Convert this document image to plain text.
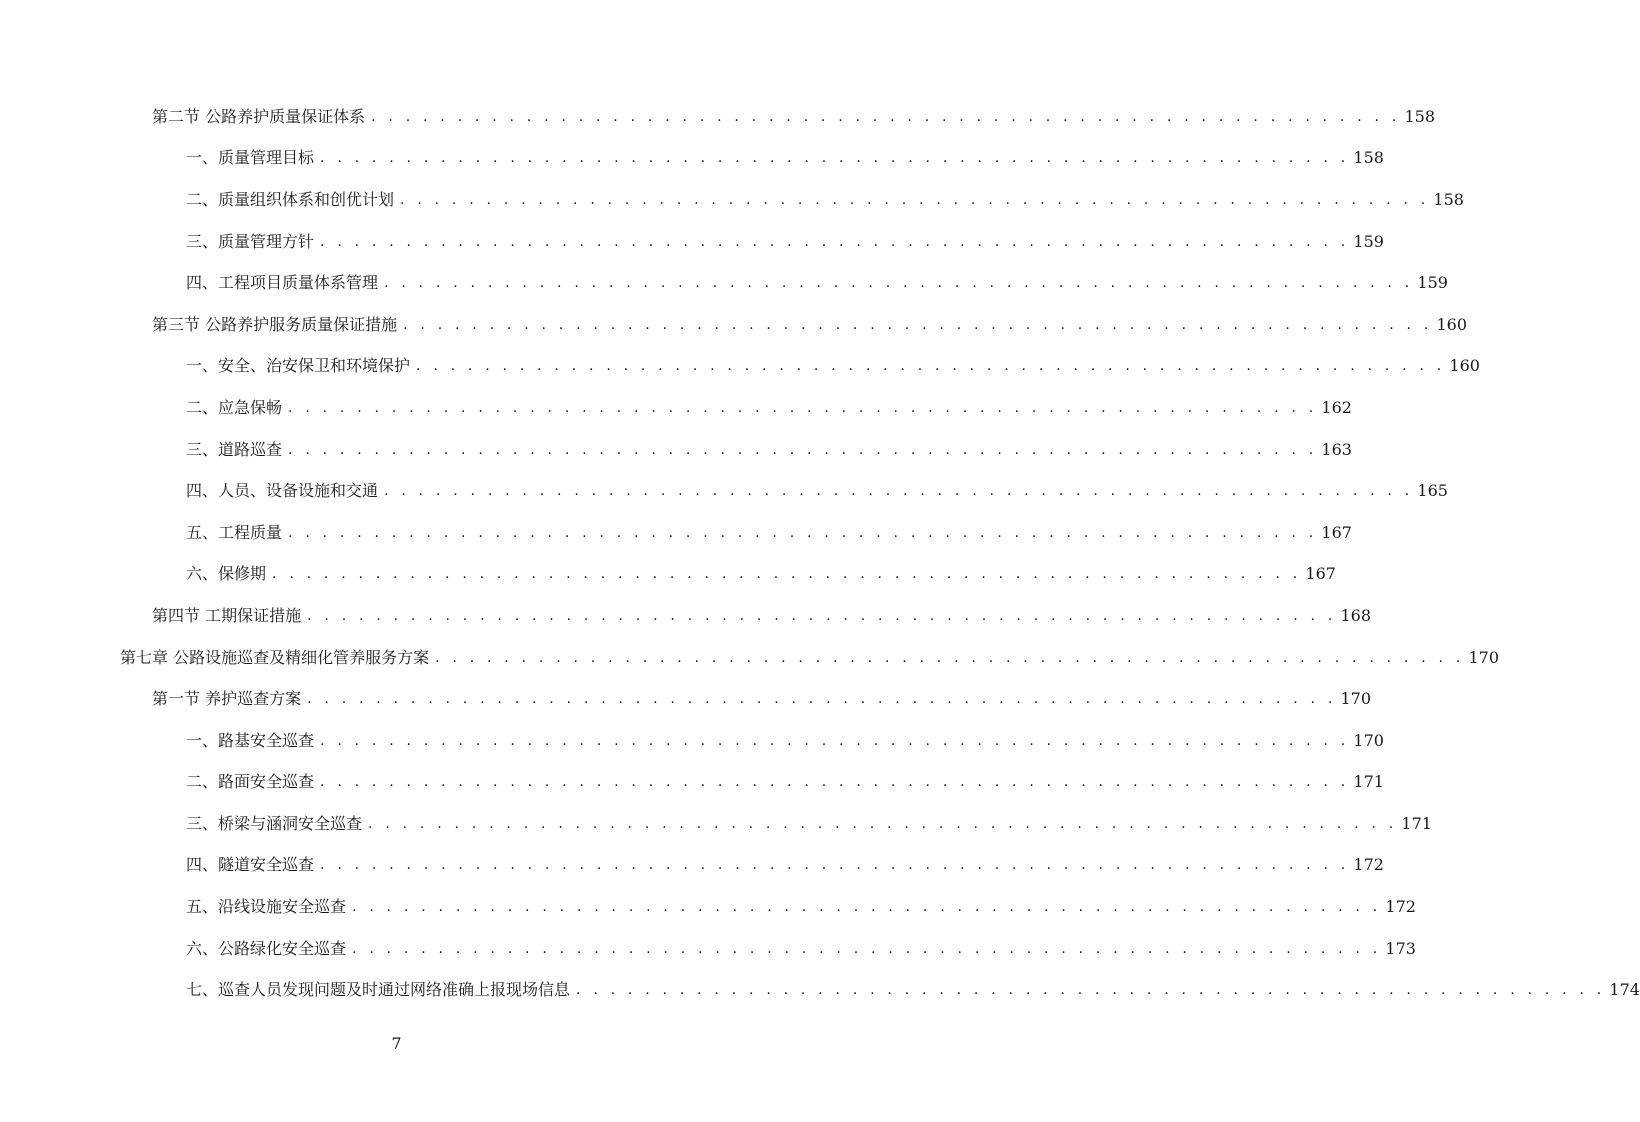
第二节 公路养护质量保证体系 . . . . . . . . . . . . . . . . . . . . . . . . . . . . . . . . . . . . . . . . . . . . . . . . . . . . . . . . . . . . 158
一、质量管理目标 . . . . . . . . . . . . . . . . . . . . . . . . . . . . . . . . . . . . . . . . . . . . . . . . . . . . . . . . . . . . 158
二、质量组织体系和创优计划 . . . . . . . . . . . . . . . . . . . . . . . . . . . . . . . . . . . . . . . . . . . . . . . . . . . . . . . . . . . . 158
三、质量管理方针 . . . . . . . . . . . . . . . . . . . . . . . . . . . . . . . . . . . . . . . . . . . . . . . . . . . . . . . . . . . . 159
四、工程项目质量体系管理 . . . . . . . . . . . . . . . . . . . . . . . . . . . . . . . . . . . . . . . . . . . . . . . . . . . . . . . . . . . . 159
第三节 公路养护服务质量保证措施 . . . . . . . . . . . . . . . . . . . . . . . . . . . . . . . . . . . . . . . . . . . . . . . . . . . . . . . . . . . . 160
一、安全、治安保卫和环境保护 . . . . . . . . . . . . . . . . . . . . . . . . . . . . . . . . . . . . . . . . . . . . . . . . . . . . . . . . . . . . 160
二、应急保畅 . . . . . . . . . . . . . . . . . . . . . . . . . . . . . . . . . . . . . . . . . . . . . . . . . . . . . . . . . . . . 162
三、道路巡查 . . . . . . . . . . . . . . . . . . . . . . . . . . . . . . . . . . . . . . . . . . . . . . . . . . . . . . . . . . . . 163
四、人员、设备设施和交通 . . . . . . . . . . . . . . . . . . . . . . . . . . . . . . . . . . . . . . . . . . . . . . . . . . . . . . . . . . . . 165
五、工程质量 . . . . . . . . . . . . . . . . . . . . . . . . . . . . . . . . . . . . . . . . . . . . . . . . . . . . . . . . . . . . 167
六、保修期 . . . . . . . . . . . . . . . . . . . . . . . . . . . . . . . . . . . . . . . . . . . . . . . . . . . . . . . . . . . . 167
第四节 工期保证措施 . . . . . . . . . . . . . . . . . . . . . . . . . . . . . . . . . . . . . . . . . . . . . . . . . . . . . . . . . . . . 168
第七章 公路设施巡查及精细化管养服务方案 . . . . . . . . . . . . . . . . . . . . . . . . . . . . . . . . . . . . . . . . . . . . . . . . . . . . . . . . . . . . 170
第一节 养护巡查方案 . . . . . . . . . . . . . . . . . . . . . . . . . . . . . . . . . . . . . . . . . . . . . . . . . . . . . . . . . . . . 170
一、路基安全巡查 . . . . . . . . . . . . . . . . . . . . . . . . . . . . . . . . . . . . . . . . . . . . . . . . . . . . . . . . . . . . 170
二、路面安全巡查 . . . . . . . . . . . . . . . . . . . . . . . . . . . . . . . . . . . . . . . . . . . . . . . . . . . . . . . . . . . . 171
三、桥梁与涵洞安全巡查 . . . . . . . . . . . . . . . . . . . . . . . . . . . . . . . . . . . . . . . . . . . . . . . . . . . . . . . . . . . . 171
四、隧道安全巡查 . . . . . . . . . . . . . . . . . . . . . . . . . . . . . . . . . . . . . . . . . . . . . . . . . . . . . . . . . . . . 172
五、沿线设施安全巡查 . . . . . . . . . . . . . . . . . . . . . . . . . . . . . . . . . . . . . . . . . . . . . . . . . . . . . . . . . . . . 172
六、公路绿化安全巡查 . . . . . . . . . . . . . . . . . . . . . . . . . . . . . . . . . . . . . . . . . . . . . . . . . . . . . . . . . . . . 173
七、巡查人员发现问题及时通过网络准确上报现场信息 . . . . . . . . . . . . . . . . . . . . . . . . . . . . . . . . . . . . . . . . . . . . . . . . . . . . . . . . . . . . 174
7
